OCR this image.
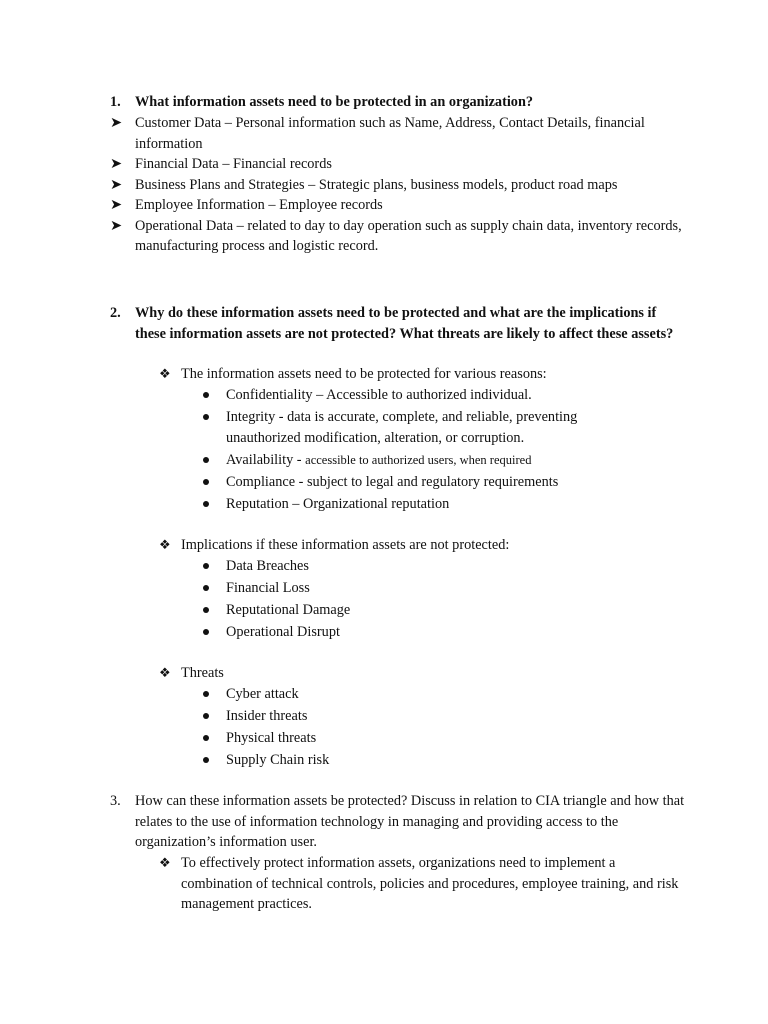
1. What information assets need to be protected in an organization?
➤ Customer Data – Personal information such as Name, Address, Contact Details, financial information
➤ Financial Data – Financial records
➤ Business Plans and Strategies – Strategic plans, business models, product road maps
➤ Employee Information – Employee records
➤ Operational Data – related to day to day operation such as supply chain data, inventory records, manufacturing process and logistic record.
2. Why do these information assets need to be protected and what are the implications if these information assets are not protected? What threats are likely to affect these assets?
❖ The information assets need to be protected for various reasons:
Confidentiality – Accessible to authorized individual.
Integrity - data is accurate, complete, and reliable, preventing unauthorized modification, alteration, or corruption.
Availability - accessible to authorized users, when required
Compliance - subject to legal and regulatory requirements
Reputation – Organizational reputation
❖ Implications if these information assets are not protected:
Data Breaches
Financial Loss
Reputational Damage
Operational Disrupt
❖ Threats
Cyber attack
Insider threats
Physical threats
Supply Chain risk
3. How can these information assets be protected? Discuss in relation to CIA triangle and how that relates to the use of information technology in managing and providing access to the organization’s information user.
❖ To effectively protect information assets, organizations need to implement a combination of technical controls, policies and procedures, employee training, and risk management practices.
